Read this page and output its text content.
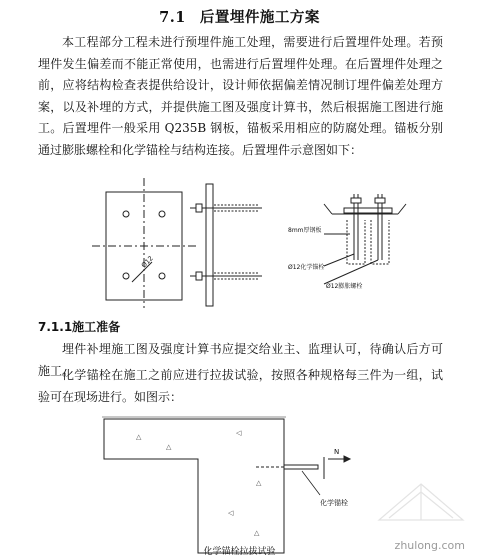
7.1 后置埋件施工方案
本工程部分工程未进行预埋件施工处理，需要进行后置埋件处理。若预埋件发生偏差而不能正常使用，也需进行后置埋件处理。在后置埋件处理之前，应将结构检查表提供给设计，设计师依据偏差情况制订埋件偏差处理方案，以及补埋的方式，并提供施工图及强度计算书，然后根据施工图进行施工。后置埋件一般采用 Q235B 钢板，锚板采用相应的防腐处理。锚板分别通过膨胀螺栓和化学锚栓与结构连接。后置埋件示意图如下：
Ø12
8mm厚钢板
Ø12化学锚栓
Ø12膨胀螺栓
7.1.1施工准备
埋件补埋施工图及强度计算书应提交给业主、监理认可，待确认后方可施工。
化学锚栓在施工之前应进行拉拔试验，按照各种规格每三件为一组，试验可在现场进行。如图示：
△
△
◁
△
◁
△
N
化学锚栓
化学锚栓拉拔试验	zhulong.com
